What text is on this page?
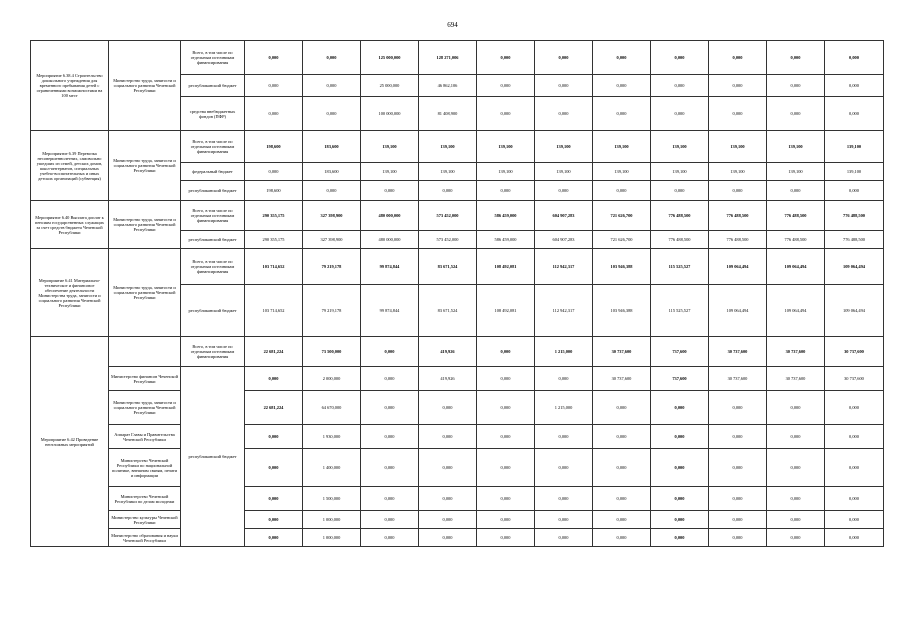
694
Мероприятие 6.38.4 Строительство дошкольного учреждения для временного пребывания детей с ограниченными возможностями на 100 мест	Министерство труда, занятости и социального развития Чеченской Республики	Всего, в том числе по отдельным источникам финансирования	0,000	0,000	125 000,000	128 271,006	0,000	0,000	0,000	0,000	0,000	0,000	0,000
		республиканский бюджет	0,000	0,000	25 000,000	46 862,106	0,000	0,000	0,000	0,000	0,000	0,000	0,000
		средства внебюджетных фондов (ПФР)	0,000	0,000	100 000,000	81 408,900	0,000	0,000	0,000	0,000	0,000	0,000	0,000
Мероприятие 6.39 Перевозка несовершеннолетних, самовольно ушедших из семей, детских домов, школ-интернатов, специальных учебно-воспитательных и иных детских организаций (субвенция)	Министерство труда, занятости и социального развития Чеченской Республики	Всего, в том числе по отдельным источникам финансирования	198,600	183,600	139,100	139,100	139,100	139,100	139,100	139,100	139,100	139,100	139,100
		федеральный бюджет	0,000	183,600	139,100	139,100	139,100	139,100	139,100	139,100	139,100	139,100	139,100
		республиканский бюджет	198,600	0,000	0,000	0,000	0,000	0,000	0,000	0,000	0,000	0,000	0,000
Мероприятие 6.40 Выплата доплат к пенсиям государственных служащих за счет средств бюджета Чеченской Республики	Министерство труда, занятости и социального развития Чеченской Республики	Всего, в том числе по отдельным источникам финансирования	290 355,175	327 398,900	480 000,000	573 452,000	586 459,000	604 907,283	721 626,700	776 488,500	776 488,500	776 488,500	776 488,500
		республиканский бюджет	290 355,175	327 398,900	480 000,000	573 452,000	586 459,000	604 907,283	721 626,700	776 488,500	776 488,500	776 488,500	776 488,500
Мероприятие 6.41 Материально-техническое и финансовое обеспечение деятельности Министерства труда, занятости и социального развития Чеченской Республики	Министерство труда, занятости и социального развития Чеченской Республики	Всего, в том числе по отдельным источникам финансирования	103 714,652	79 219,178	99 874,844	83 671,524	108 492,081	112 942,317	103 946,388	115 525,527	109 064,494	109 064,494	109 064,494
		республиканский бюджет	103 714,652	79 219,178	99 874,844	83 671,524	108 492,081	112 942,317	103 946,388	115 525,527	109 064,494	109 064,494	109 064,494
Мероприятие 6.42 Проведение неотложных мероприятий		Всего, в том числе по отдельным источникам финансирования	22 681,224	73 500,000	0,000	419,926	0,000	1 215,000	30 737,600	737,600	30 737,600	30 737,600	30 737,600
	Министерство финансов Чеченской Республики	республиканский бюджет	0,000	2 000,000	0,000	419,926	0,000	0,000	30 737,600	737,600	30 737,600	30 737,600	30 737,600
	Министерство труда, занятости и социального развития Чеченской Республики		22 681,224	64 670,000	0,000	0,000	0,000	1 215,000	0,000	0,000	0,000	0,000	0,000
	Аппарат Главы и Правительства Чеченской Республики		0,000	1 930,000	0,000	0,000	0,000	0,000	0,000	0,000	0,000	0,000	0,000
	Министерство Чеченской Республики по национальной политике, внешним связям, печати и информации		0,000	1 400,000	0,000	0,000	0,000	0,000	0,000	0,000	0,000	0,000	0,000
	Министерство Чеченской Республики по делам молодежи		0,000	1 500,000	0,000	0,000	0,000	0,000	0,000	0,000	0,000	0,000	0,000
	Министерство культуры Чеченской Республики		0,000	1 000,000	0,000	0,000	0,000	0,000	0,000	0,000	0,000	0,000	0,000
	Министерство образования и науки Чеченской Республики		0,000	1 000,000	0,000	0,000	0,000	0,000	0,000	0,000	0,000	0,000	0,000
